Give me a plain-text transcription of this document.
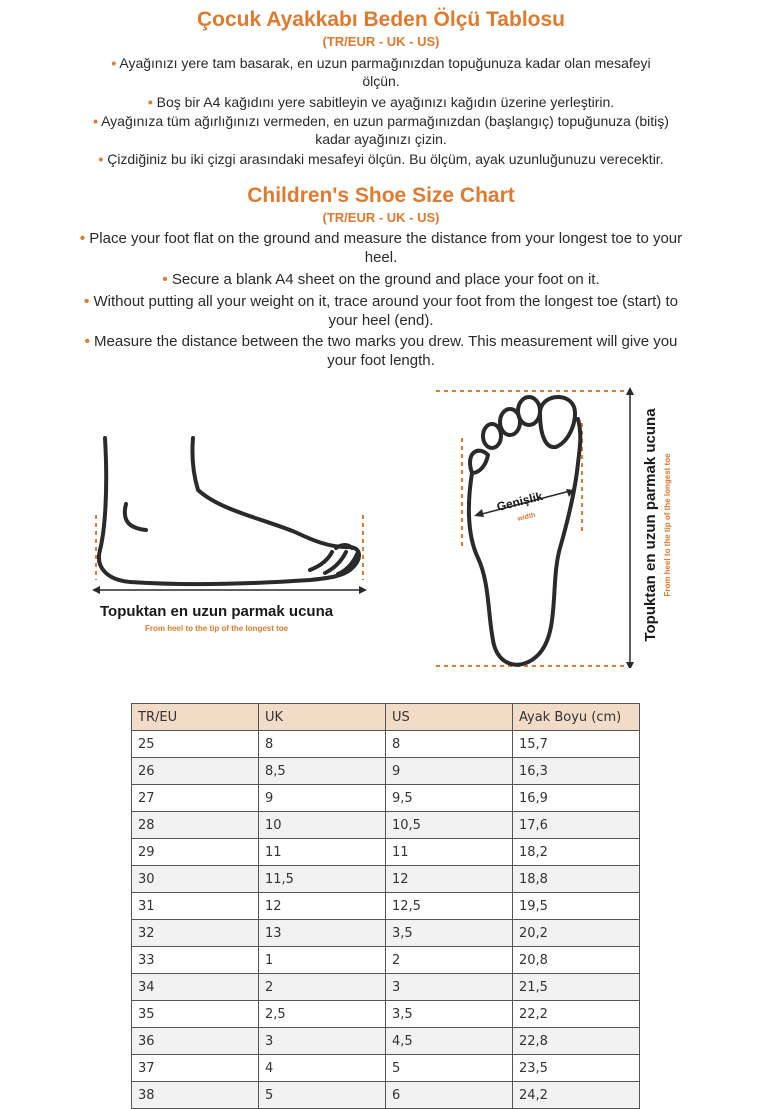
Çocuk Ayakkabı Beden Ölçü Tablosu
(TR/EUR - UK - US)
• Ayağınızı yere tam basarak, en uzun parmağınızdan topuğunuza kadar olan mesafeyi
ölçün.
• Boş bir A4 kağıdını yere sabitleyin ve ayağınızı kağıdın üzerine yerleştirin.
• Ayağınıza tüm ağırlığınızı vermeden, en uzun parmağınızdan (başlangıç) topuğunuza (bitiş)
kadar ayağınızı çizin.
• Çizdiğiniz bu iki çizgi arasındaki mesafeyi ölçün. Bu ölçüm, ayak uzunluğunuzu verecektir.
Children's Shoe Size Chart
(TR/EUR - UK - US)
• Place your foot flat on the ground and measure the distance from your longest toe to your
heel.
• Secure a blank A4 sheet on the ground and place your foot on it.
• Without putting all your weight on it, trace around your foot from the longest toe (start) to
your heel (end).
• Measure the distance between the two marks you drew. This measurement will give you
your foot length.
Topuktan en uzun parmak ucuna
From heel to the tip of the longest toe
Genişlik
width	Topuktan en uzun parmak ucuna From heel to the tip of the longest toe
TR/EU	UK	US	Ayak Boyu (cm)
25	8	8	15,7
26	8,5	9	16,3
27	9	9,5	16,9
28	10	10,5	17,6
29	11	11	18,2
30	11,5	12	18,8
31	12	12,5	19,5
32	13	3,5	20,2
33	1	2	20,8
34	2	3	21,5
35	2,5	3,5	22,2
36	3	4,5	22,8
37	4	5	23,5
38	5	6	24,2
